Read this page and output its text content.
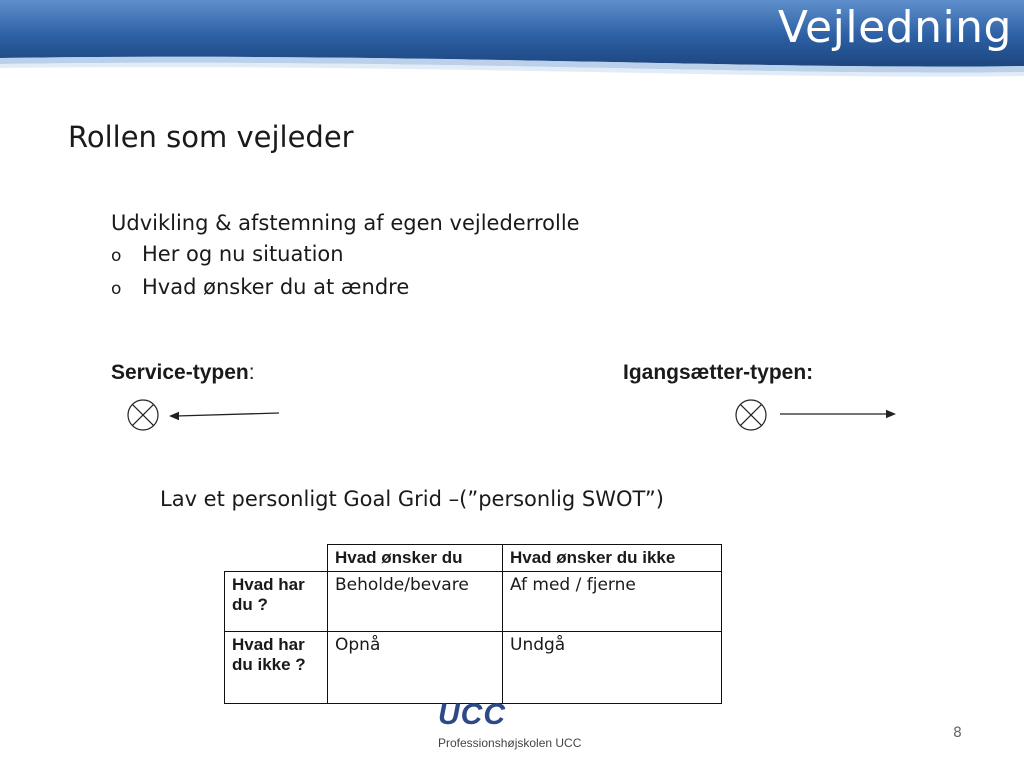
Vejledning
Rollen som vejleder
Udvikling & afstemning af egen vejlederrolle
o Her og nu situation
o Hvad ønsker du at ændre
Service-typen:	Igangsætter-typen:
Lav et personligt Goal Grid –(”personlig SWOT”)
	Hvad ønsker du	Hvad ønsker du ikke
Hvad har du ?	Beholde/bevare	Af med / fjerne
Hvad har du ikke ?	Opnå	Undgå
UCC
Professionshøjskolen UCC
8
